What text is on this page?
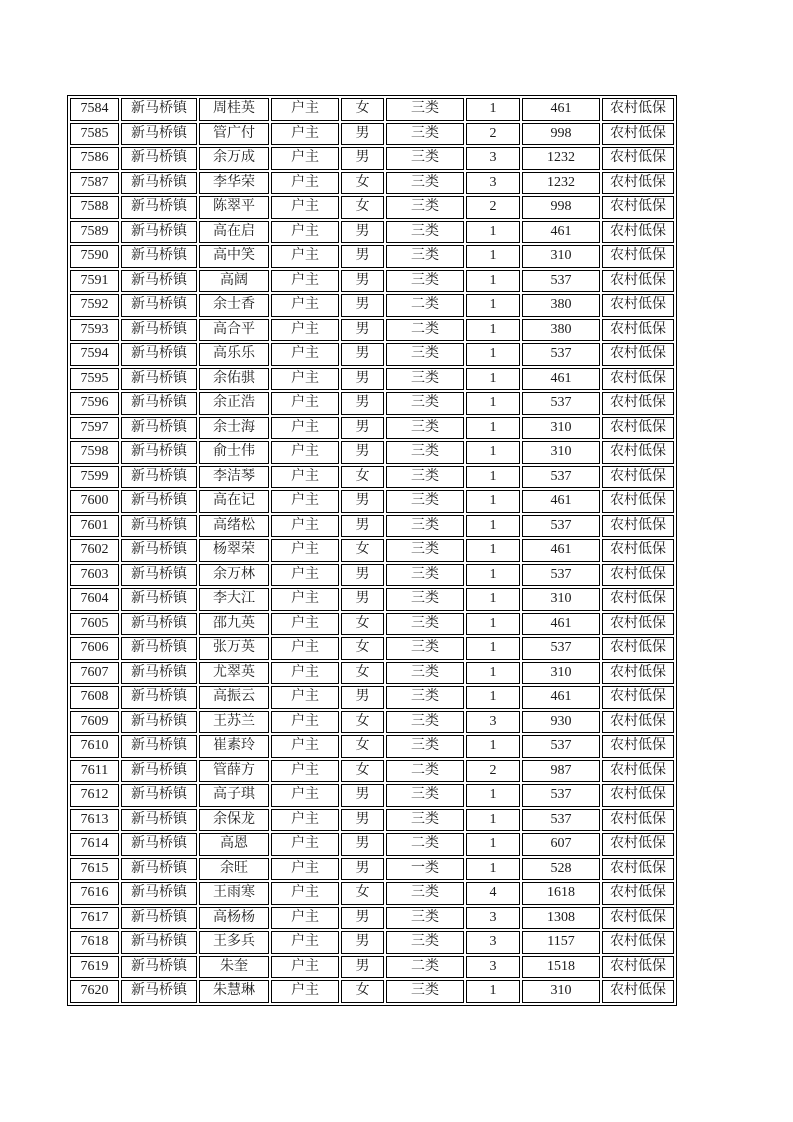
7584	新马桥镇	周桂英	户主	女	三类	1	461	农村低保
7585	新马桥镇	管广付	户主	男	三类	2	998	农村低保
7586	新马桥镇	余万成	户主	男	三类	3	1232	农村低保
7587	新马桥镇	李华荣	户主	女	三类	3	1232	农村低保
7588	新马桥镇	陈翠平	户主	女	三类	2	998	农村低保
7589	新马桥镇	高在启	户主	男	三类	1	461	农村低保
7590	新马桥镇	高中笑	户主	男	三类	1	310	农村低保
7591	新马桥镇	高阔	户主	男	三类	1	537	农村低保
7592	新马桥镇	余士香	户主	男	二类	1	380	农村低保
7593	新马桥镇	高合平	户主	男	二类	1	380	农村低保
7594	新马桥镇	高乐乐	户主	男	三类	1	537	农村低保
7595	新马桥镇	余佑骐	户主	男	三类	1	461	农村低保
7596	新马桥镇	余正浩	户主	男	三类	1	537	农村低保
7597	新马桥镇	余士海	户主	男	三类	1	310	农村低保
7598	新马桥镇	俞士伟	户主	男	三类	1	310	农村低保
7599	新马桥镇	李洁琴	户主	女	三类	1	537	农村低保
7600	新马桥镇	高在记	户主	男	三类	1	461	农村低保
7601	新马桥镇	高绪松	户主	男	三类	1	537	农村低保
7602	新马桥镇	杨翠荣	户主	女	三类	1	461	农村低保
7603	新马桥镇	余万林	户主	男	三类	1	537	农村低保
7604	新马桥镇	李大江	户主	男	三类	1	310	农村低保
7605	新马桥镇	邵九英	户主	女	三类	1	461	农村低保
7606	新马桥镇	张万英	户主	女	三类	1	537	农村低保
7607	新马桥镇	尤翠英	户主	女	三类	1	310	农村低保
7608	新马桥镇	高振云	户主	男	三类	1	461	农村低保
7609	新马桥镇	王苏兰	户主	女	三类	3	930	农村低保
7610	新马桥镇	崔素玲	户主	女	三类	1	537	农村低保
7611	新马桥镇	管薛方	户主	女	二类	2	987	农村低保
7612	新马桥镇	高子琪	户主	男	三类	1	537	农村低保
7613	新马桥镇	余保龙	户主	男	三类	1	537	农村低保
7614	新马桥镇	高恩	户主	男	二类	1	607	农村低保
7615	新马桥镇	余旺	户主	男	一类	1	528	农村低保
7616	新马桥镇	王雨寒	户主	女	三类	4	1618	农村低保
7617	新马桥镇	高杨杨	户主	男	三类	3	1308	农村低保
7618	新马桥镇	王多兵	户主	男	三类	3	1157	农村低保
7619	新马桥镇	朱奎	户主	男	二类	3	1518	农村低保
7620	新马桥镇	朱慧琳	户主	女	三类	1	310	农村低保
